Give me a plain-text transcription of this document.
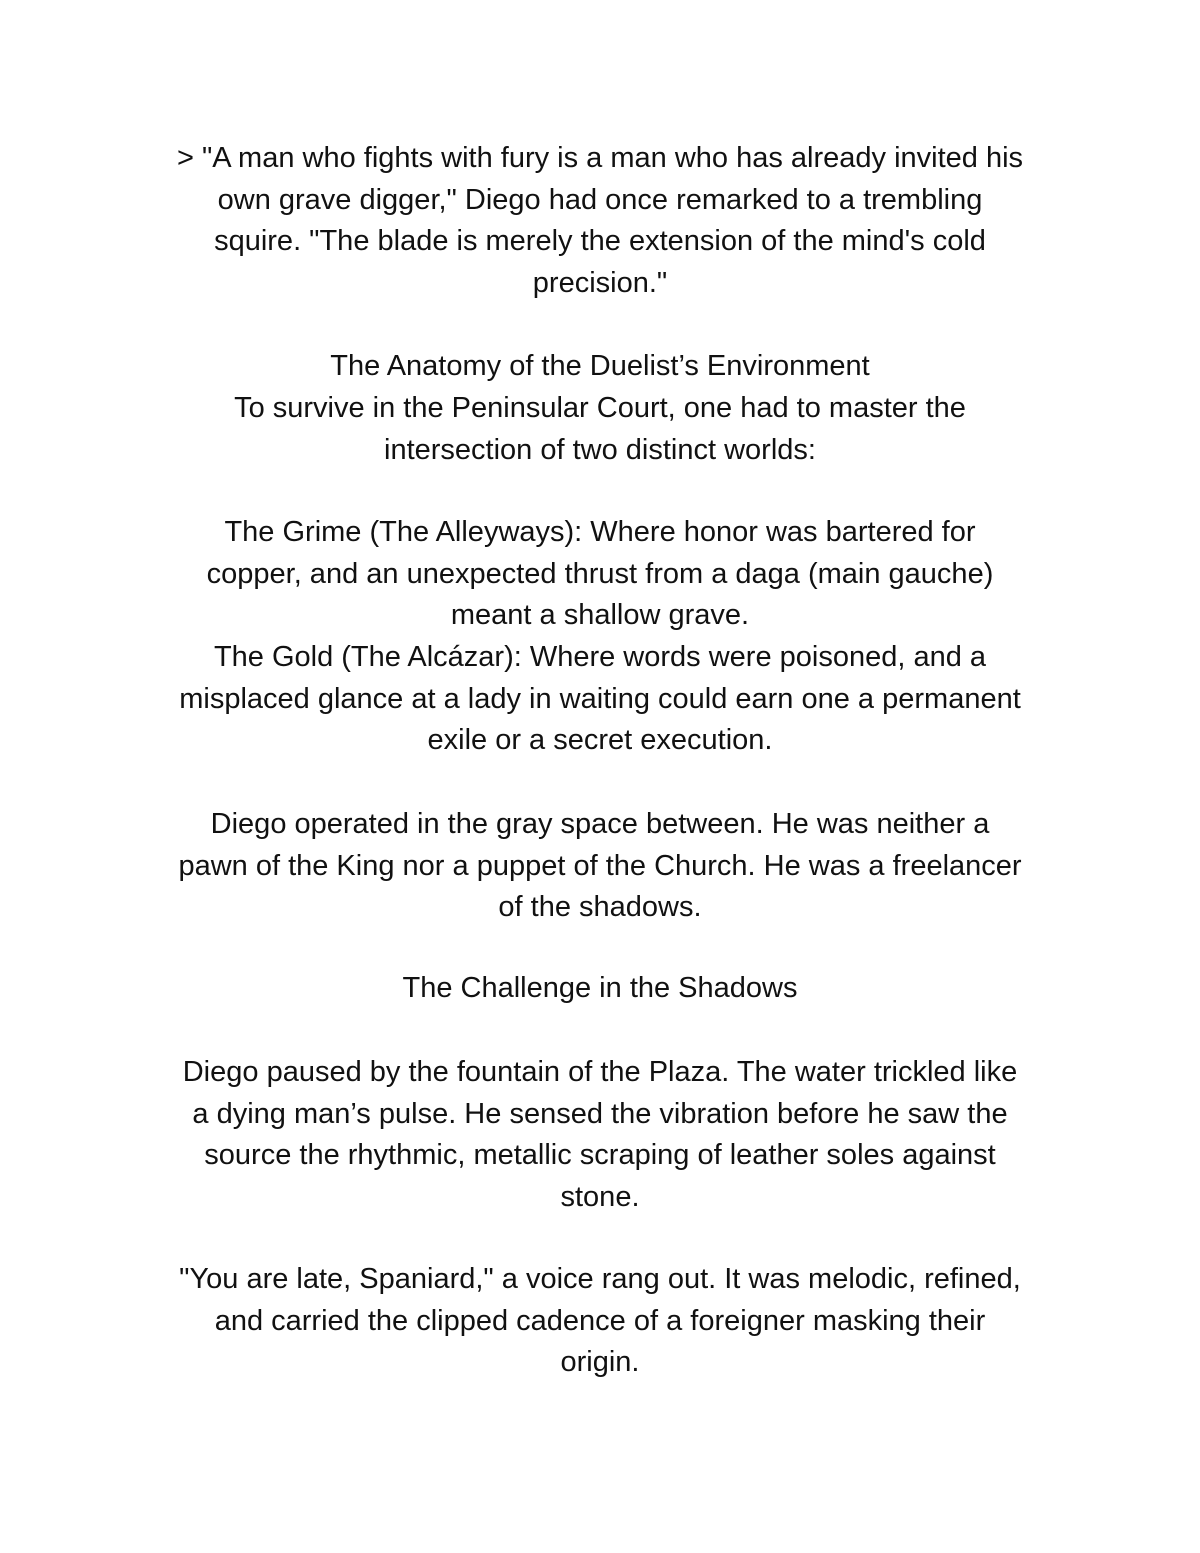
> "A man who fights with fury is a man who has already invited his
own grave digger," Diego had once remarked to a trembling
squire. "The blade is merely the extension of the mind's cold
precision."

The Anatomy of the Duelist’s Environment

To survive in the Peninsular Court, one had to master the
intersection of two distinct worlds:

The Grime (The Alleyways): Where honor was bartered for
copper, and an unexpected thrust from a daga (main gauche)
meant a shallow grave.

The Gold (The Alcázar): Where words were poisoned, and a
misplaced glance at a lady in waiting could earn one a permanent
exile or a secret execution.

Diego operated in the gray space between. He was neither a
pawn of the King nor a puppet of the Church. He was a freelancer
of the shadows.

The Challenge in the Shadows

Diego paused by the fountain of the Plaza. The water trickled like
a dying man’s pulse. He sensed the vibration before he saw the
source the rhythmic, metallic scraping of leather soles against
stone.

"You are late, Spaniard," a voice rang out. It was melodic, refined,
and carried the clipped cadence of a foreigner masking their
origin.
